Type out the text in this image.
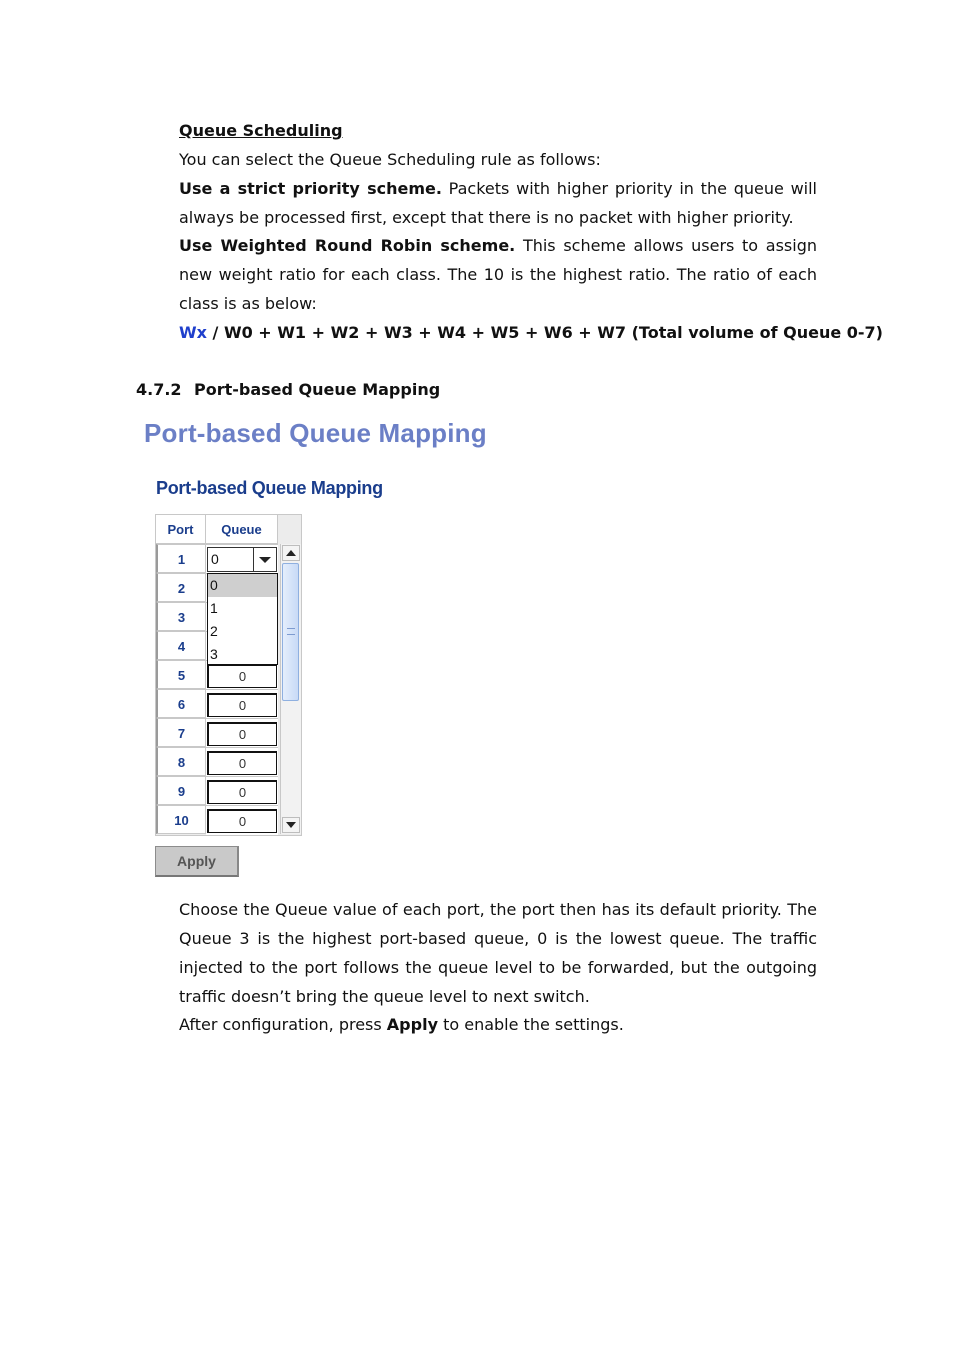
Queue Scheduling

You can select the Queue Scheduling rule as follows:

Use a strict priority scheme. Packets with higher priority in the queue will always be processed first, except that there is no packet with higher priority.

Use Weighted Round Robin scheme. This scheme allows users to assign new weight ratio for each class. The 10 is the highest ratio. The ratio of each class is as below:

Wx / W0 + W1 + W2 + W3 + W4 + W5 + W6 + W7 (Total volume of Queue 0-7)

4.7.2 Port-based Queue Mapping
Port-based Queue Mapping
Port-based Queue Mapping
Port	Queue
1	0
2
3
4
5	0
6	0
7	0
8	0
9	0
10	0
0
1
2
3
Apply

Choose the Queue value of each port, the port then has its default priority. The Queue 3 is the highest port-based queue, 0 is the lowest queue. The traffic injected to the port follows the queue level to be forwarded, but the outgoing traffic doesn’t bring the queue level to next switch.

After configuration, press Apply to enable the settings.
